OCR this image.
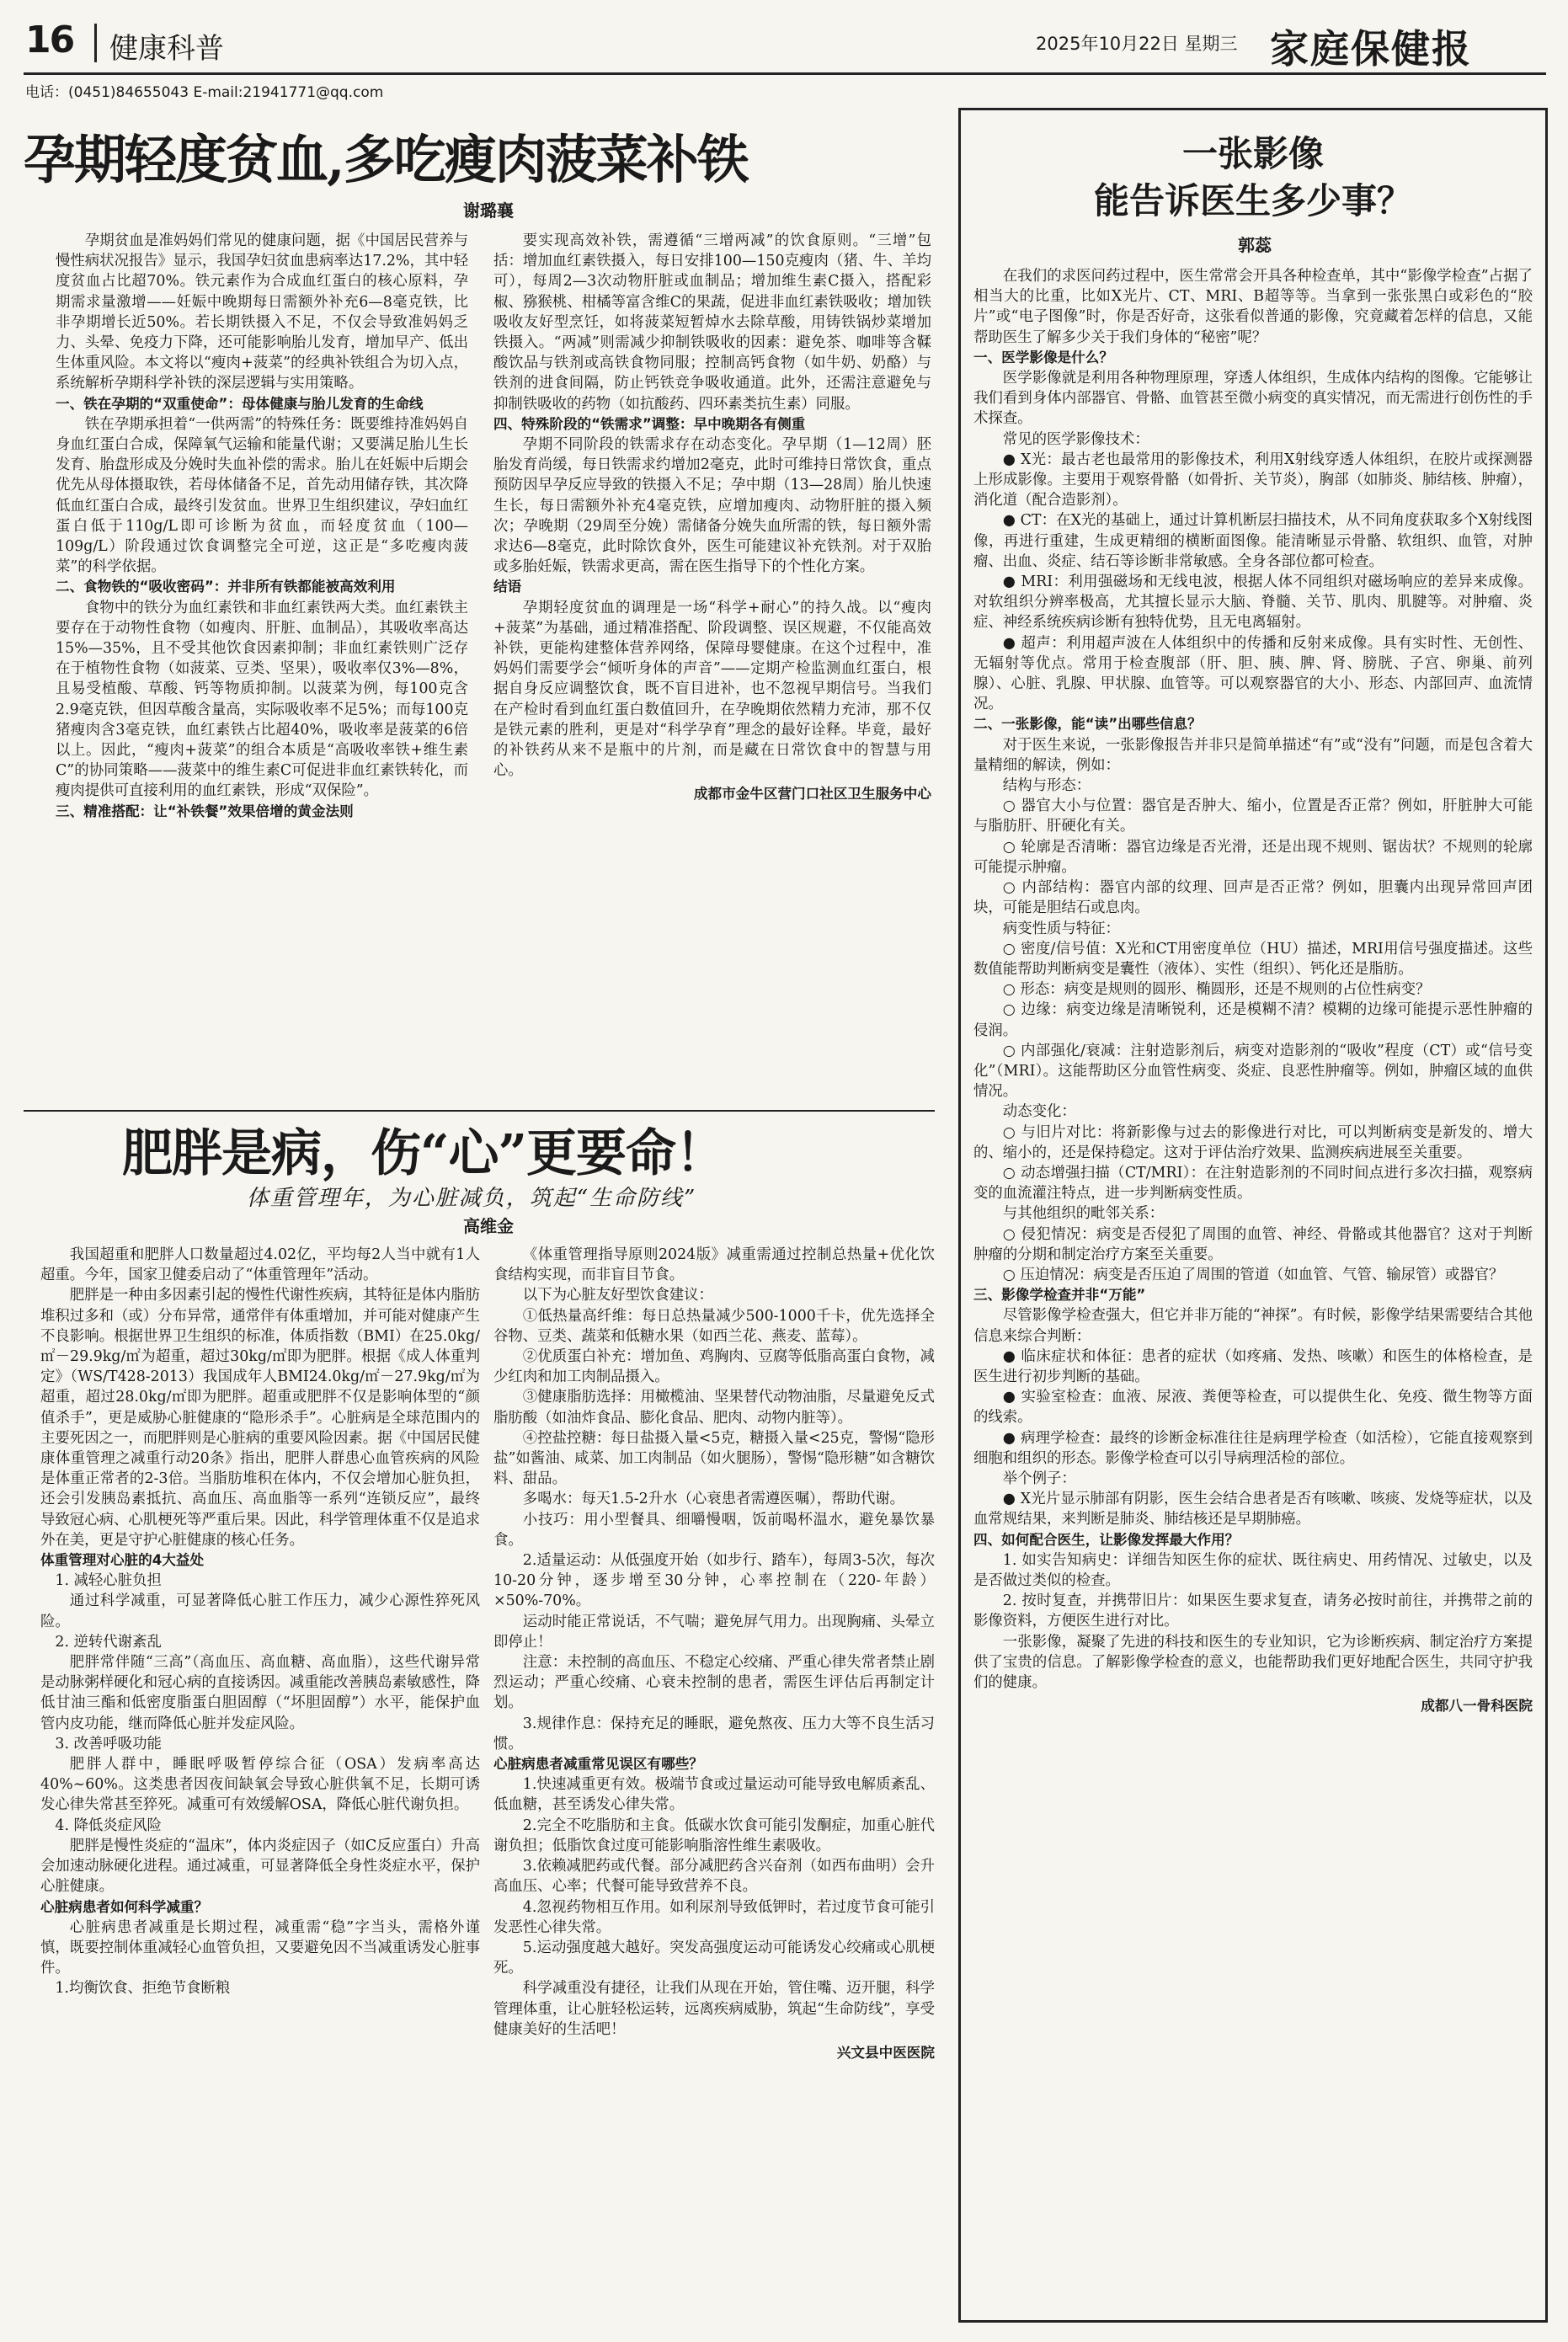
16 健康科普	2025年10月22日 星期三 家庭保健报
电话：(0451)84655043 E-mail:21941771@qq.com
孕期轻度贫血,多吃瘦肉菠菜补铁
谢璐襄

孕期贫血是准妈妈们常见的健康问题，据《中国居民营养与慢性病状况报告》显示，我国孕妇贫血患病率达17.2%，其中轻度贫血占比超70%。铁元素作为合成血红蛋白的核心原料，孕期需求量激增——妊娠中晚期每日需额外补充6—8毫克铁，比非孕期增长近50%。若长期铁摄入不足，不仅会导致准妈妈乏力、头晕、免疫力下降，还可能影响胎儿发育，增加早产、低出生体重风险。本文将以“瘦肉+菠菜”的经典补铁组合为切入点，系统解析孕期科学补铁的深层逻辑与实用策略。

一、铁在孕期的“双重使命”：母体健康与胎儿发育的生命线

铁在孕期承担着“一供两需”的特殊任务：既要维持准妈妈自身血红蛋白合成，保障氧气运输和能量代谢；又要满足胎儿生长发育、胎盘形成及分娩时失血补偿的需求。胎儿在妊娠中后期会优先从母体摄取铁，若母体储备不足，首先动用储存铁，其次降低血红蛋白合成，最终引发贫血。世界卫生组织建议，孕妇血红蛋白低于110g/L即可诊断为贫血，而轻度贫血（100—109g/L）阶段通过饮食调整完全可逆，这正是“多吃瘦肉菠菜”的科学依据。

二、食物铁的“吸收密码”：并非所有铁都能被高效利用

食物中的铁分为血红素铁和非血红素铁两大类。血红素铁主要存在于动物性食物（如瘦肉、肝脏、血制品），其吸收率高达15%—35%，且不受其他饮食因素抑制；非血红素铁则广泛存在于植物性食物（如菠菜、豆类、坚果），吸收率仅3%—8%，且易受植酸、草酸、钙等物质抑制。以菠菜为例，每100克含2.9毫克铁，但因草酸含量高，实际吸收率不足5%；而每100克猪瘦肉含3毫克铁，血红素铁占比超40%，吸收率是菠菜的6倍以上。因此，“瘦肉+菠菜”的组合本质是“高吸收率铁+维生素C”的协同策略——菠菜中的维生素C可促进非血红素铁转化，而瘦肉提供可直接利用的血红素铁，形成“双保险”。

三、精准搭配：让“补铁餐”效果倍增的黄金法则

要实现高效补铁，需遵循“三增两减”的饮食原则。“三增”包括：增加血红素铁摄入，每日安排100—150克瘦肉（猪、牛、羊均可），每周2—3次动物肝脏或血制品；增加维生素C摄入，搭配彩椒、猕猴桃、柑橘等富含维C的果蔬，促进非血红素铁吸收；增加铁吸收友好型烹饪，如将菠菜短暂焯水去除草酸，用铸铁锅炒菜增加铁摄入。“两减”则需减少抑制铁吸收的因素：避免茶、咖啡等含鞣酸饮品与铁剂或高铁食物同服；控制高钙食物（如牛奶、奶酪）与铁剂的进食间隔，防止钙铁竞争吸收通道。此外，还需注意避免与抑制铁吸收的药物（如抗酸药、四环素类抗生素）同服。

四、特殊阶段的“铁需求”调整：早中晚期各有侧重

孕期不同阶段的铁需求存在动态变化。孕早期（1—12周）胚胎发育尚缓，每日铁需求约增加2毫克，此时可维持日常饮食，重点预防因早孕反应导致的铁摄入不足；孕中期（13—28周）胎儿快速生长，每日需额外补充4毫克铁，应增加瘦肉、动物肝脏的摄入频次；孕晚期（29周至分娩）需储备分娩失血所需的铁，每日额外需求达6—8毫克，此时除饮食外，医生可能建议补充铁剂。对于双胎或多胎妊娠，铁需求更高，需在医生指导下的个性化方案。

结语

孕期轻度贫血的调理是一场“科学+耐心”的持久战。以“瘦肉+菠菜”为基础，通过精准搭配、阶段调整、误区规避，不仅能高效补铁，更能构建整体营养网络，保障母婴健康。在这个过程中，准妈妈们需要学会“倾听身体的声音”——定期产检监测血红蛋白，根据自身反应调整饮食，既不盲目进补，也不忽视早期信号。当我们在产检时看到血红蛋白数值回升，在孕晚期依然精力充沛，那不仅是铁元素的胜利，更是对“科学孕育”理念的最好诠释。毕竟，最好的补铁药从来不是瓶中的片剂，而是藏在日常饮食中的智慧与用心。

成都市金牛区营门口社区卫生服务中心

肥胖是病，伤“心”更要命！
体重管理年，为心脏减负，筑起“生命防线”
高维金

我国超重和肥胖人口数量超过4.02亿，平均每2人当中就有1人超重。今年，国家卫健委启动了“体重管理年”活动。

肥胖是一种由多因素引起的慢性代谢性疾病，其特征是体内脂肪堆积过多和（或）分布异常，通常伴有体重增加，并可能对健康产生不良影响。根据世界卫生组织的标准，体质指数（BMI）在25.0kg/㎡－29.9kg/㎡为超重，超过30kg/㎡即为肥胖。根据《成人体重判定》（WS/T428-2013）我国成年人BMI24.0kg/㎡－27.9kg/㎡为超重，超过28.0kg/㎡即为肥胖。超重或肥胖不仅是影响体型的“颜值杀手”，更是威胁心脏健康的“隐形杀手”。心脏病是全球范围内的主要死因之一，而肥胖则是心脏病的重要风险因素。据《中国居民健康体重管理之减重行动20条》指出，肥胖人群患心血管疾病的风险是体重正常者的2-3倍。当脂肪堆积在体内，不仅会增加心脏负担，还会引发胰岛素抵抗、高血压、高血脂等一系列“连锁反应”，最终导致冠心病、心肌梗死等严重后果。因此，科学管理体重不仅是追求外在美，更是守护心脏健康的核心任务。

体重管理对心脏的4大益处

1. 减轻心脏负担

通过科学减重，可显著降低心脏工作压力，减少心源性猝死风险。

2. 逆转代谢紊乱

肥胖常伴随“三高”（高血压、高血糖、高血脂），这些代谢异常是动脉粥样硬化和冠心病的直接诱因。减重能改善胰岛素敏感性，降低甘油三酯和低密度脂蛋白胆固醇（“坏胆固醇”）水平，能保护血管内皮功能，继而降低心脏并发症风险。

3. 改善呼吸功能

肥胖人群中，睡眠呼吸暂停综合征（OSA）发病率高达40%~60%。这类患者因夜间缺氧会导致心脏供氧不足，长期可诱发心律失常甚至猝死。减重可有效缓解OSA，降低心脏代谢负担。

4. 降低炎症风险

肥胖是慢性炎症的“温床”，体内炎症因子（如C反应蛋白）升高会加速动脉硬化进程。通过减重，可显著降低全身性炎症水平，保护心脏健康。

心脏病患者如何科学减重？

心脏病患者减重是长期过程，减重需“稳”字当头，需格外谨慎，既要控制体重减轻心血管负担，又要避免因不当减重诱发心脏事件。

1.均衡饮食、拒绝节食断粮

《体重管理指导原则2024版》减重需通过控制总热量+优化饮食结构实现，而非盲目节食。

以下为心脏友好型饮食建议：

①低热量高纤维：每日总热量减少500-1000千卡，优先选择全谷物、豆类、蔬菜和低糖水果（如西兰花、燕麦、蓝莓）。

②优质蛋白补充：增加鱼、鸡胸肉、豆腐等低脂高蛋白食物，减少红肉和加工肉制品摄入。

③健康脂肪选择：用橄榄油、坚果替代动物油脂，尽量避免反式脂肪酸（如油炸食品、膨化食品、肥肉、动物内脏等）。

④控盐控糖：每日盐摄入量<5克，糖摄入量<25克，警惕“隐形盐”如酱油、咸菜、加工肉制品（如火腿肠），警惕“隐形糖”如含糖饮料、甜品。

多喝水：每天1.5-2升水（心衰患者需遵医嘱），帮助代谢。

小技巧：用小型餐具、细嚼慢咽，饭前喝杯温水，避免暴饮暴食。

2.适量运动：从低强度开始（如步行、踏车），每周3-5次，每次10-20分钟，逐步增至30分钟，心率控制在（220-年龄）×50%-70%。

运动时能正常说话，不气喘；避免屏气用力。出现胸痛、头晕立即停止！

注意：未控制的高血压、不稳定心绞痛、严重心律失常者禁止剧烈运动；严重心绞痛、心衰未控制的患者，需医生评估后再制定计划。

3.规律作息：保持充足的睡眠，避免熬夜、压力大等不良生活习惯。

心脏病患者减重常见误区有哪些？

1.快速减重更有效。极端节食或过量运动可能导致电解质紊乱、低血糖，甚至诱发心律失常。

2.完全不吃脂肪和主食。低碳水饮食可能引发酮症，加重心脏代谢负担；低脂饮食过度可能影响脂溶性维生素吸收。

3.依赖减肥药或代餐。部分减肥药含兴奋剂（如西布曲明）会升高血压、心率；代餐可能导致营养不良。

4.忽视药物相互作用。如利尿剂导致低钾时，若过度节食可能引发恶性心律失常。

5.运动强度越大越好。突发高强度运动可能诱发心绞痛或心肌梗死。

科学减重没有捷径，让我们从现在开始，管住嘴、迈开腿，科学管理体重，让心脏轻松运转，远离疾病威胁，筑起“生命防线”，享受健康美好的生活吧！

兴文县中医医院

一张影像
能告诉医生多少事？
郭蕊

在我们的求医问药过程中，医生常常会开具各种检查单，其中“影像学检查”占据了相当大的比重，比如X光片、CT、MRI、B超等等。当拿到一张张黑白或彩色的“胶片”或“电子图像”时，你是否好奇，这张看似普通的影像，究竟藏着怎样的信息，又能帮助医生了解多少关于我们身体的“秘密”呢？

一、医学影像是什么？

医学影像就是利用各种物理原理，穿透人体组织，生成体内结构的图像。它能够让我们看到身体内部器官、骨骼、血管甚至微小病变的真实情况，而无需进行创伤性的手术探查。

常见的医学影像技术：

● X光：最古老也最常用的影像技术，利用X射线穿透人体组织，在胶片或探测器上形成影像。主要用于观察骨骼（如骨折、关节炎），胸部（如肺炎、肺结核、肿瘤），消化道（配合造影剂）。

● CT：在X光的基础上，通过计算机断层扫描技术，从不同角度获取多个X射线图像，再进行重建，生成更精细的横断面图像。能清晰显示骨骼、软组织、血管，对肿瘤、出血、炎症、结石等诊断非常敏感。全身各部位都可检查。

● MRI：利用强磁场和无线电波，根据人体不同组织对磁场响应的差异来成像。对软组织分辨率极高，尤其擅长显示大脑、脊髓、关节、肌肉、肌腱等。对肿瘤、炎症、神经系统疾病诊断有独特优势，且无电离辐射。

● 超声：利用超声波在人体组织中的传播和反射来成像。具有实时性、无创性、无辐射等优点。常用于检查腹部（肝、胆、胰、脾、肾、膀胱、子宫、卵巢、前列腺）、心脏、乳腺、甲状腺、血管等。可以观察器官的大小、形态、内部回声、血流情况。

二、一张影像，能“读”出哪些信息？

对于医生来说，一张影像报告并非只是简单描述“有”或“没有”问题，而是包含着大量精细的解读，例如：

结构与形态：

○ 器官大小与位置：器官是否肿大、缩小，位置是否正常？例如，肝脏肿大可能与脂肪肝、肝硬化有关。

○ 轮廓是否清晰：器官边缘是否光滑，还是出现不规则、锯齿状？不规则的轮廓可能提示肿瘤。

○ 内部结构：器官内部的纹理、回声是否正常？例如，胆囊内出现异常回声团块，可能是胆结石或息肉。

病变性质与特征：

○ 密度/信号值：X光和CT用密度单位（HU）描述，MRI用信号强度描述。这些数值能帮助判断病变是囊性（液体）、实性（组织）、钙化还是脂肪。

○ 形态：病变是规则的圆形、椭圆形，还是不规则的占位性病变？

○ 边缘：病变边缘是清晰锐利，还是模糊不清？模糊的边缘可能提示恶性肿瘤的侵润。

○ 内部强化/衰减：注射造影剂后，病变对造影剂的“吸收”程度（CT）或“信号变化”（MRI）。这能帮助区分血管性病变、炎症、良恶性肿瘤等。例如，肿瘤区域的血供情况。

动态变化：

○ 与旧片对比：将新影像与过去的影像进行对比，可以判断病变是新发的、增大的、缩小的，还是保持稳定。这对于评估治疗效果、监测疾病进展至关重要。

○ 动态增强扫描（CT/MRI）：在注射造影剂的不同时间点进行多次扫描，观察病变的血流灌注特点，进一步判断病变性质。

与其他组织的毗邻关系：

○ 侵犯情况：病变是否侵犯了周围的血管、神经、骨骼或其他器官？这对于判断肿瘤的分期和制定治疗方案至关重要。

○ 压迫情况：病变是否压迫了周围的管道（如血管、气管、输尿管）或器官？

三、影像学检查并非“万能”

尽管影像学检查强大，但它并非万能的“神探”。有时候，影像学结果需要结合其他信息来综合判断：

● 临床症状和体征：患者的症状（如疼痛、发热、咳嗽）和医生的体格检查，是医生进行初步判断的基础。

● 实验室检查：血液、尿液、粪便等检查，可以提供生化、免疫、微生物等方面的线索。

● 病理学检查：最终的诊断金标准往往是病理学检查（如活检），它能直接观察到细胞和组织的形态。影像学检查可以引导病理活检的部位。

举个例子：

● X光片显示肺部有阴影，医生会结合患者是否有咳嗽、咳痰、发烧等症状，以及血常规结果，来判断是肺炎、肺结核还是早期肺癌。

四、如何配合医生，让影像发挥最大作用？

1. 如实告知病史：详细告知医生你的症状、既往病史、用药情况、过敏史，以及是否做过类似的检查。

2. 按时复查，并携带旧片：如果医生要求复查，请务必按时前往，并携带之前的影像资料，方便医生进行对比。

一张影像，凝聚了先进的科技和医生的专业知识，它为诊断疾病、制定治疗方案提供了宝贵的信息。了解影像学检查的意义，也能帮助我们更好地配合医生，共同守护我们的健康。

成都八一骨科医院
